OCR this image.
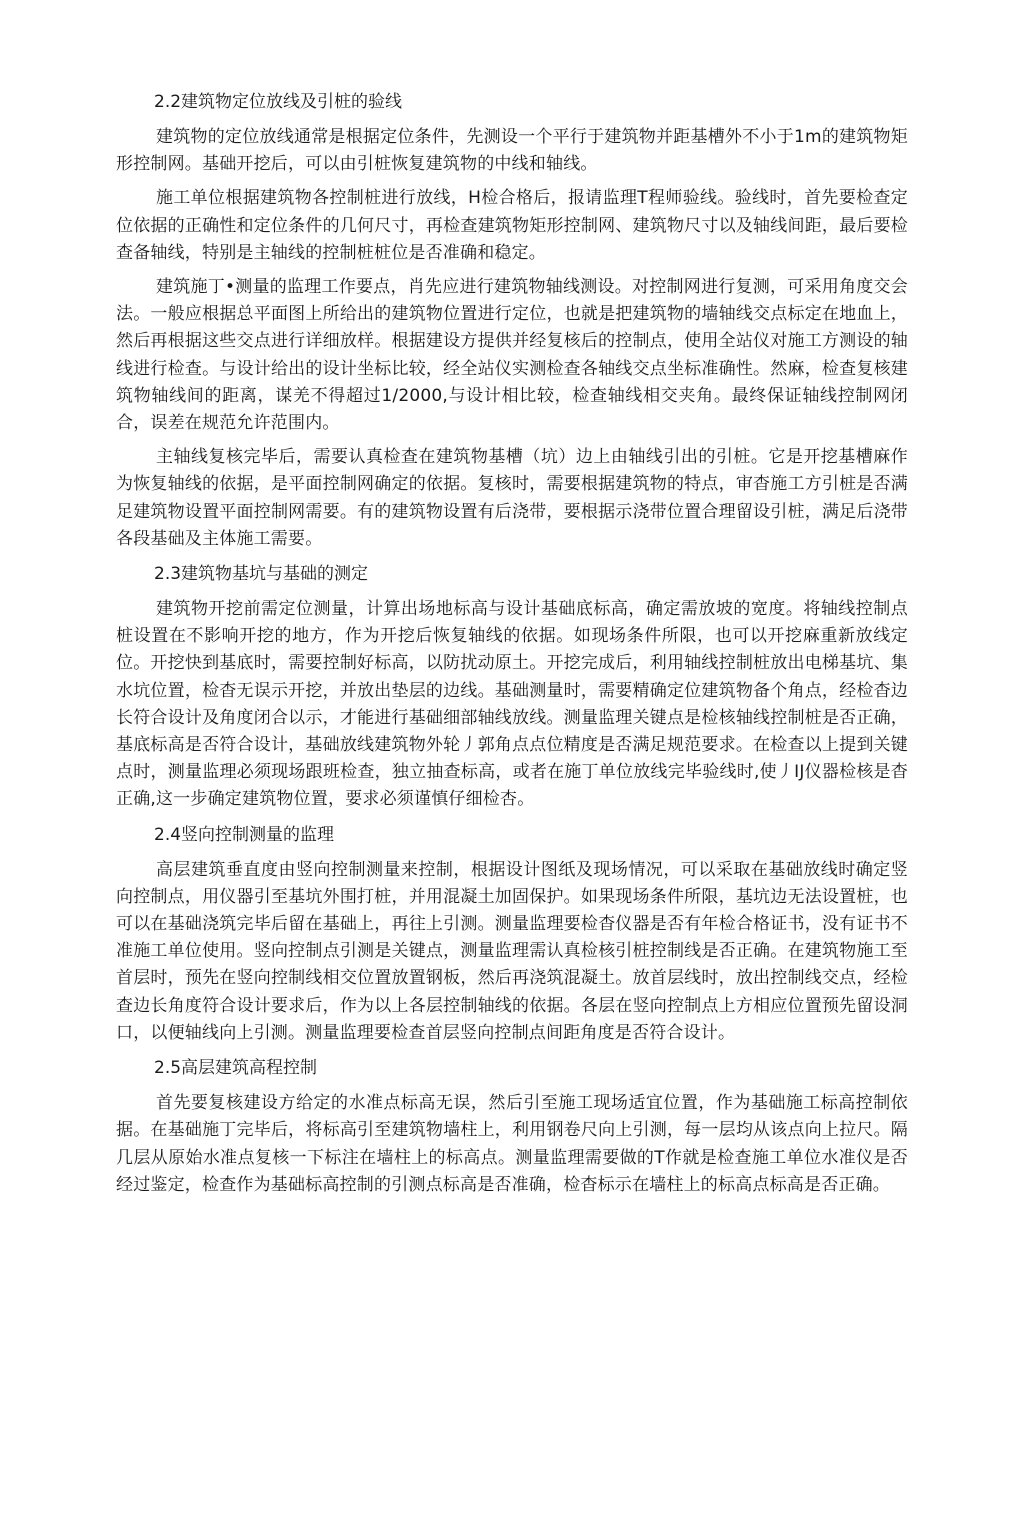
2.2建筑物定位放线及引桩的验线

建筑物的定位放线通常是根据定位条件，先测设一个平行于建筑物并距基槽外不小于1m的建筑物矩形控制网。基础开挖后，可以由引桩恢复建筑物的中线和轴线。

施工单位根据建筑物各控制桩进行放线，H检合格后，报请监理T程师验线。验线时，首先要检查定位依据的正确性和定位条件的几何尺寸，再检查建筑物矩形控制网、建筑物尺寸以及轴线间距，最后要检查备轴线，特别是主轴线的控制桩桩位是否准确和稳定。

建筑施丁•测量的监理工作要点，肖先应进行建筑物轴线测设。对控制网进行复测，可采用角度交会法。一般应根据总平面图上所给出的建筑物位置进行定位，也就是把建筑物的墙轴线交点标定在地血上，然后再根据这些交点进行详细放样。根据建设方提供并经复核后的控制点，使用全站仪对施工方测设的轴线进行检查。与设计给出的设计坐标比较，经全站仪实测检查各轴线交点坐标准确性。然麻，检查复核建筑物轴线间的距离，谋羌不得超过1/2000,与设计相比较，检查轴线相交夹角。最终保证轴线控制网闭合，误差在规范允许范围内。

主轴线复核完毕后，需要认真检查在建筑物基槽（坑）边上由轴线引出的引桩。它是开挖基槽麻作为恢复轴线的依据，是平面控制网确定的依据。复核时，需要根据建筑物的特点，审杳施工方引桩是否满足建筑物设置平面控制网需要。有的建筑物设置有后浇带，要根据示浇带位置合理留设引桩，满足后浇带各段基础及主体施工需要。

2.3建筑物基坑与基础的测定

建筑物开挖前需定位测量，计算出场地标高与设计基础底标高，确定需放坡的宽度。将轴线控制点桩设置在不影响开挖的地方，作为开挖后恢复轴线的依据。如现场条件所限，也可以开挖麻重新放线定位。开挖快到基底时，需要控制好标高，以防扰动原土。开挖完成后，利用轴线控制桩放出电梯基坑、集水坑位置，检杳无误示开挖，并放出垫层的边线。基础测量时，需要精确定位建筑物备个角点，经检杳边长符合设计及角度闭合以示，才能进行基础细部轴线放线。测量监理关键点是检核轴线控制桩是否正确，基底标高是否符合设计，基础放线建筑物外轮丿郭角点点位精度是否满足规范要求。在检查以上提到关键点时，测量监理必须现场跟班检查，独立抽查标高，或者在施丁单位放线完毕验线时,使丿IJ仪器检核是杳正确,这一步确定建筑物位置，要求必须谨慎仔细检杏。

2.4竖向控制测量的监理

高层建筑垂直度由竖向控制测量来控制，根据设计图纸及现场情况，可以采取在基础放线时确定竖向控制点，用仪器引至基坑外围打桩，并用混凝土加固保护。如果现场条件所限，基坑边无法设置桩，也可以在基础浇筑完毕后留在基础上，再往上引测。测量监理要检杳仪器是否有年检合格证书，没有证书不准施工单位使用。竖向控制点引测是关键点，测量监理需认真检核引桩控制线是否正确。在建筑物施工至首层时，预先在竖向控制线相交位置放置钢板，然后再浇筑混凝土。放首层线时，放出控制线交点，经检查边长角度符合设计要求后，作为以上各层控制轴线的依据。各层在竖向控制点上方相应位置预先留设洞口，以便轴线向上引测。测量监理要检查首层竖向控制点间距角度是否符合设计。

2.5高层建筑高程控制

首先要复核建设方给定的水准点标高无误，然后引至施工现场适宜位置，作为基础施工标高控制依据。在基础施丁完毕后，将标高引至建筑物墙柱上，利用钢卷尺向上引测，每一层均从该点向上拉尺。隔几层从原始水准点复核一下标注在墙柱上的标高点。测量监理需要做的T作就是检查施工单位水准仪是否经过鉴定，检查作为基础标高控制的引测点标高是否准确，检杳标示在墙柱上的标高点标高是否正确。
